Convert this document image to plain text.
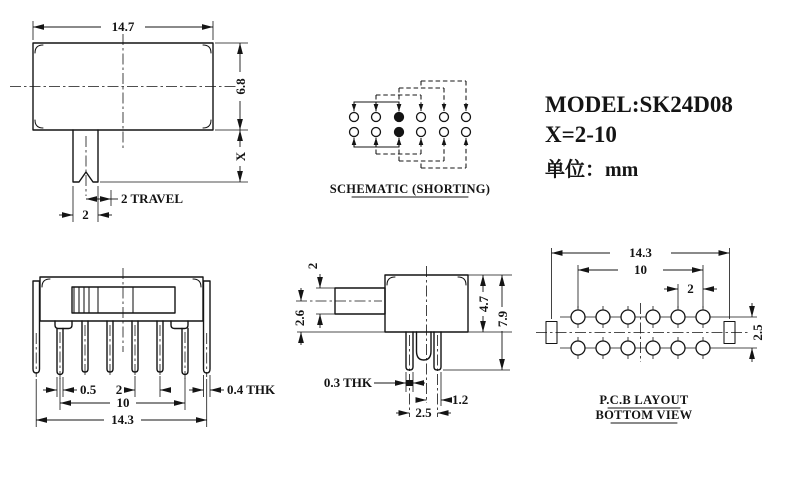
14.7
6.8
X
2 TRAVEL
2
SCHEMATIC (SHORTING)
MODEL:SK24D08
X=2-10
单位：mm
0.5 2
10
14.3
0.4 THK
2
2.6
4.7
7.9
0.3 THK
1.2
2.5
14.3
10
2
2.5
P.C.B LAYOUT
BOTTOM VIEW
